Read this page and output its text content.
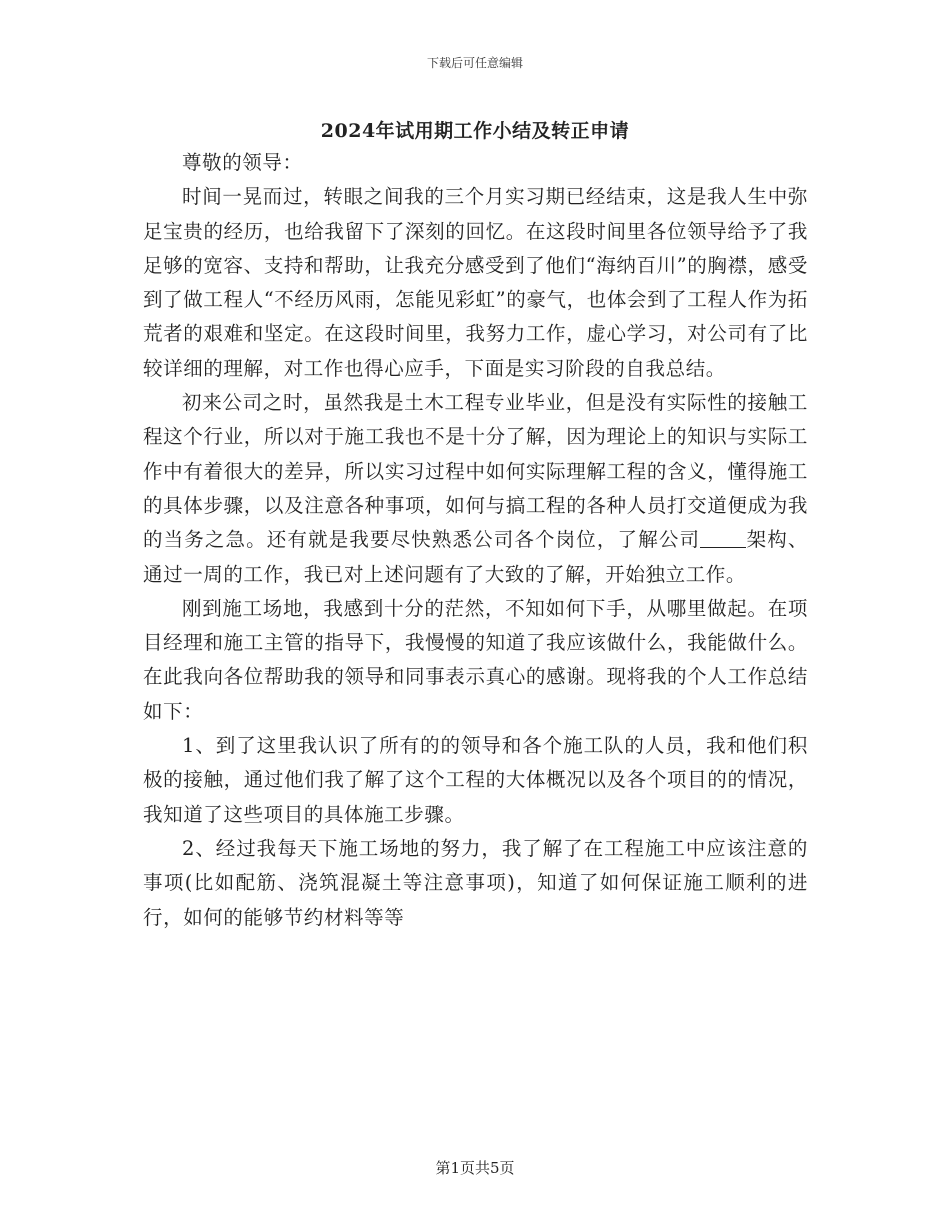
下载后可任意编辑
2024年试用期工作小结及转正申请

尊敬的领导：

时间一晃而过，转眼之间我的三个月实习期已经结束，这是我人生中弥足宝贵的经历，也给我留下了深刻的回忆。在这段时间里各位领导给予了我足够的宽容、支持和帮助，让我充分感受到了他们“海纳百川”的胸襟，感受到了做工程人“不经历风雨，怎能见彩虹”的豪气，也体会到了工程人作为拓荒者的艰难和坚定。在这段时间里，我努力工作，虚心学习，对公司有了比较详细的理解，对工作也得心应手，下面是实习阶段的自我总结。

初来公司之时，虽然我是土木工程专业毕业，但是没有实际性的接触工程这个行业，所以对于施工我也不是十分了解，因为理论上的知识与实际工作中有着很大的差异，所以实习过程中如何实际理解工程的含义，懂得施工的具体步骤，以及注意各种事项，如何与搞工程的各种人员打交道便成为我的当务之急。还有就是我要尽快熟悉公司各个岗位，了解公司 架构、通过一周的工作，我已对上述问题有了大致的了解，开始独立工作。

刚到施工场地，我感到十分的茫然，不知如何下手，从哪里做起。在项目经理和施工主管的指导下，我慢慢的知道了我应该做什么，我能做什么。在此我向各位帮助我的领导和同事表示真心的感谢。现将我的个人工作总结如下：

1、到了这里我认识了所有的的领导和各个施工队的人员，我和他们积极的接触，通过他们我了解了这个工程的大体概况以及各个项目的的情况，我知道了这些项目的具体施工步骤。

2、经过我每天下施工场地的努力，我了解了在工程施工中应该注意的事项(比如配筋、浇筑混凝土等注意事项)，知道了如何保证施工顺利的进行，如何的能够节约材料等等

第1页共5页
